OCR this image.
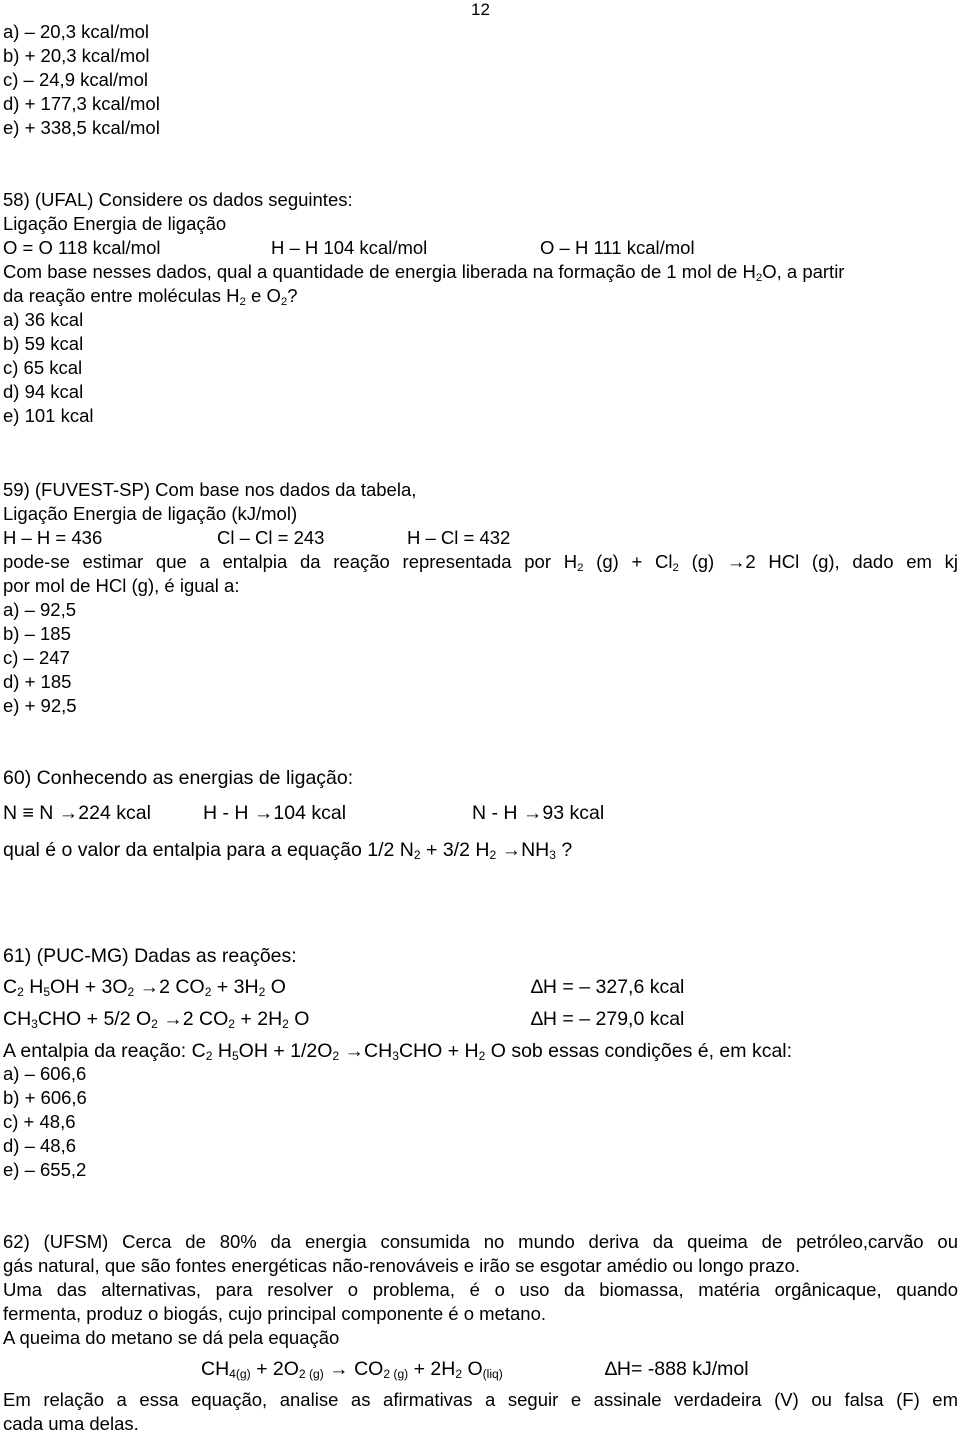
12
a) – 20,3 kcal/mol
b) + 20,3 kcal/mol
c) – 24,9 kcal/mol
d) + 177,3 kcal/mol
e) + 338,5 kcal/mol
58) (UFAL) Considere os dados seguintes:
Ligação Energia de ligação
O = O 118 kcal/mol	H – H 104 kcal/mol	O – H 111 kcal/mol
Com base nesses dados, qual a quantidade de energia liberada na formação de 1 mol de $H_2O$, a partir
da reação entre moléculas $H_2$ e $O_2$?
a) 36 kcal
b) 59 kcal
c) 65 kcal
d) 94 kcal
e) 101 kcal
59) (FUVEST-SP) Com base nos dados da tabela,
Ligação Energia de ligação (kJ/mol)
H – H = 436	Cl – Cl = 243	H – Cl = 432
pode-se estimar que a entalpia da reação representada por $H_2$ $(g) + Cl_2$ (g) →2 HCl (g), dado em kj
por mol de HCl (g), é igual a:
a) – 92,5
b) – 185
c) – 247
d) + 185
e) + 92,5
60) Conhecendo as energias de ligação:
N ≡ N →224 kcal	H - H →104 kcal	N - H →93 kcal
qual é o valor da entalpia para a equação 1/2 $N_2 + 3/2$ $H_2 \to NH_3$ ?
61) (PUC-MG) Dadas as reações:
$C_2$ $H_5OH + 3O_2 \to 2$ $CO_2 + 3H_2$ O	∆H = – 327,6 kcal
$CH_3CHO + 5/2$ $O_2 \to 2$ $CO_2 + 2H_2$ O	∆H = – 279,0 kcal
A entalpia da reação: $C_2$ $H_5OH + 1/2O_2 \to CH_3CHO + H_2$ O sob essas condições é, em kcal:
a) – 606,6
b) + 606,6
c) + 48,6
d) – 48,6
e) – 655,2
62) (UFSM) Cerca de 80% da energia consumida no mundo deriva da queima de petróleo,carvão ou
gás natural, que são fontes energéticas não-renováveis e irão se esgotar amédio ou longo prazo.
Uma das alternativas, para resolver o problema, é o uso da biomassa, matéria orgânicaque, quando
fermenta, produz o biogás, cujo principal componente é o metano.
A queima do metano se dá pela equação
$CH_{4(g)} + 2O_{2 (g)} \to CO_{2 (g)} + 2H_2$ $O_{(liq)}$	∆H= -888 kJ/mol
Em relação a essa equação, analise as afirmativas a seguir e assinale verdadeira (V) ou falsa (F) em
cada uma delas.
